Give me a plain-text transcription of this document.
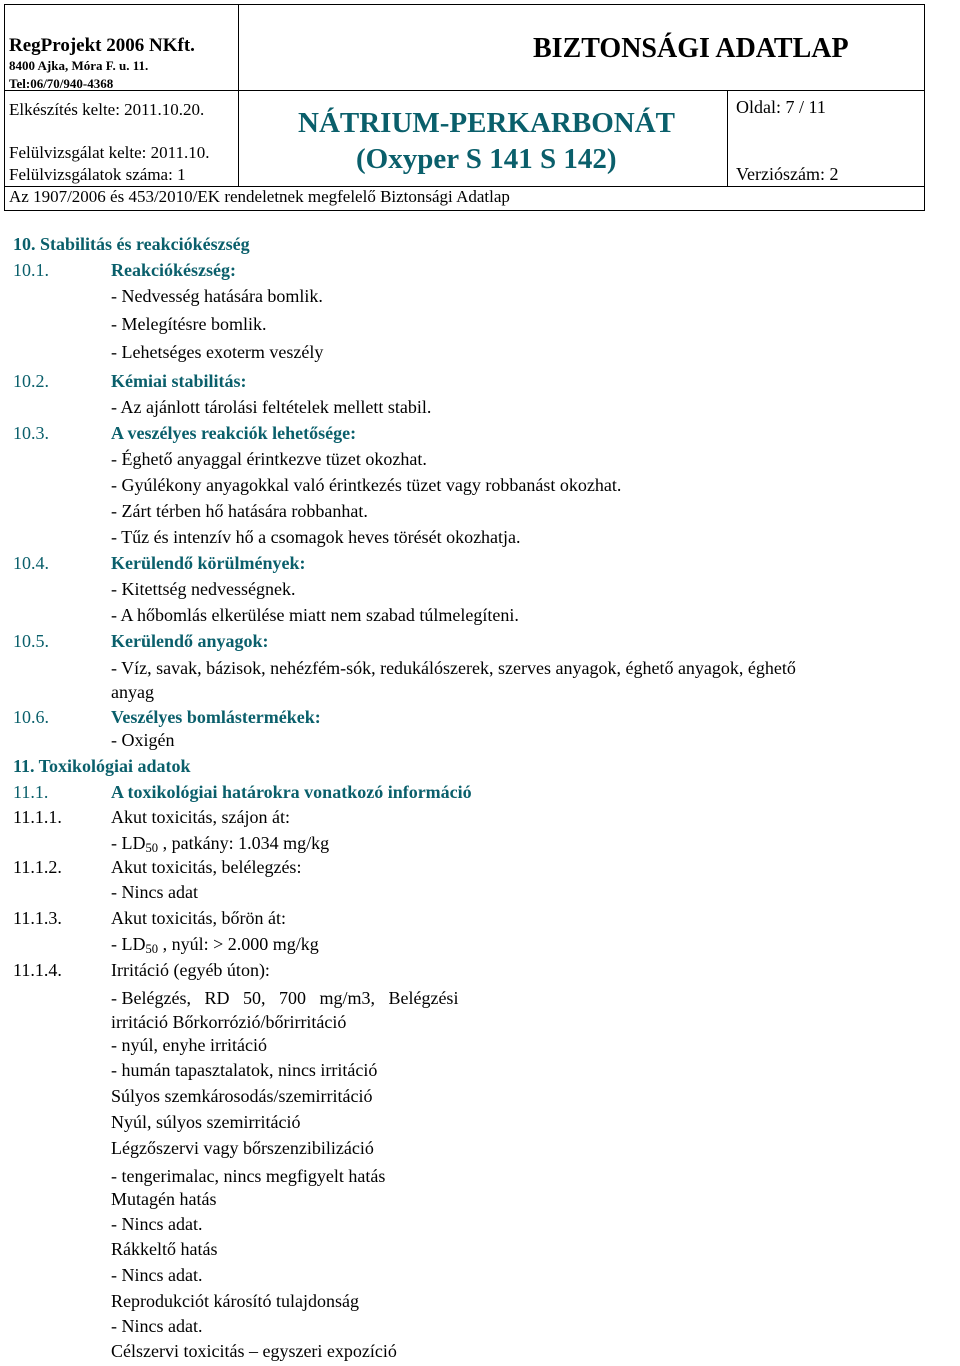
RegProjekt 2006 NKft.
8400 Ajka, Móra F. u. 11.
Tel:06/70/940-4368
BIZTONSÁGI ADATLAP
Elkészítés kelte: 2011.10.20.
Felülvizsgálat kelte: 2011.10.
Felülvizsgálatok száma: 1
NÁTRIUM-PERKARBONÁT
(Oxyper S 141 S 142)
Oldal: 7 / 11
Verziószám: 2
Az 1907/2006 és 453/2010/EK rendeletnek megfelelő Biztonsági Adatlap
10. Stabilitás és reakciókészség
10.1.	Reakciókészség:
- Nedvesség hatására bomlik.
- Melegítésre bomlik.
- Lehetséges exoterm veszély
10.2.	Kémiai stabilitás:
- Az ajánlott tárolási feltételek mellett stabil.
10.3.	A veszélyes reakciók lehetősége:
- Éghető anyaggal érintkezve tüzet okozhat.
- Gyúlékony anyagokkal való érintkezés tüzet vagy robbanást okozhat.
- Zárt térben hő hatására robbanhat.
- Tűz és intenzív hő a csomagok heves törését okozhatja.
10.4.	Kerülendő körülmények:
- Kitettség nedvességnek.
- A hőbomlás elkerülése miatt nem szabad túlmelegíteni.
10.5.	Kerülendő anyagok:
- Víz, savak, bázisok, nehézfém-sók, redukálószerek, szerves anyagok, éghető anyagok, éghető
anyag
10.6.	Veszélyes bomlástermékek:
- Oxigén
11. Toxikológiai adatok
11.1.	A toxikológiai határokra vonatkozó információ
11.1.1.	Akut toxicitás, szájon át:
- $LD_{50}$ , patkány: 1.034 mg/kg
11.1.2.	Akut toxicitás, belélegzés:
- Nincs adat
11.1.3.	Akut toxicitás, bőrön át:
- $LD_{50}$ , nyúl: > 2.000 mg/kg
11.1.4.	Irritáció (egyéb úton):
- Belégzés,   RD   50,   700   mg/m3,   Belégzési
irritáció Bőrkorrózió/bőrirritáció
- nyúl, enyhe irritáció
- humán tapasztalatok, nincs irritáció
Súlyos szemkárosodás/szemirritáció
Nyúl, súlyos szemirritáció
Légzőszervi vagy bőrszenzibilizáció
- tengerimalac, nincs megfigyelt hatás
Mutagén hatás
- Nincs adat.
Rákkeltő hatás
- Nincs adat.
Reprodukciót károsító tulajdonság
- Nincs adat.
Célszervi toxicitás – egyszeri expozíció
